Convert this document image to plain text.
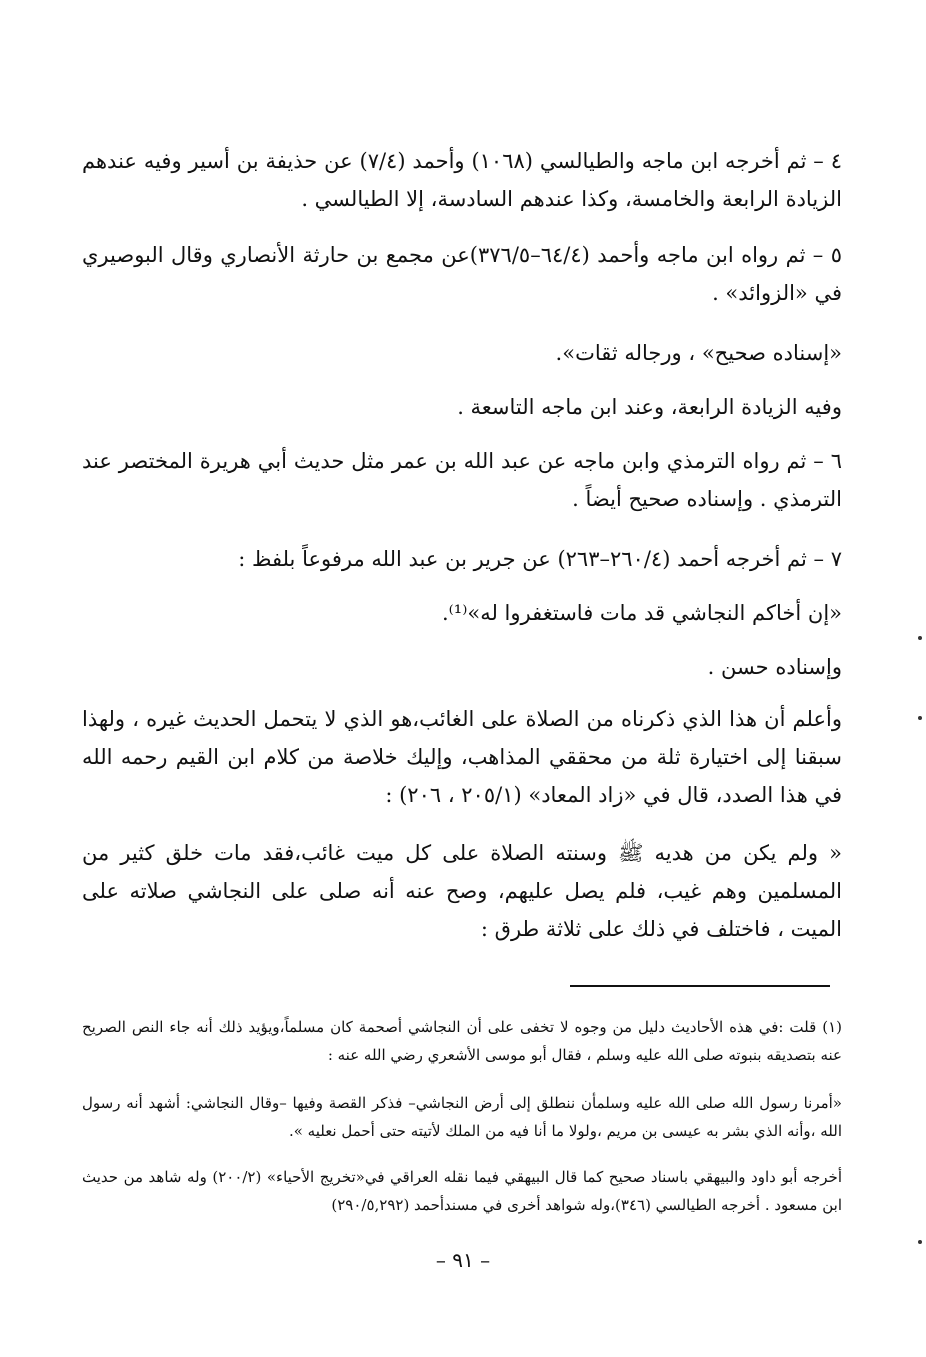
٤ – ثم أخرجه ابن ماجه والطيالسي (١٠٦٨) وأحمد (٧/٤) عن حذيفة بن أسير وفيه عندهم الزيادة الرابعة والخامسة، وكذا عندهم السادسة، إلا الطيالسي .

٥ – ثم رواه ابن ماجه وأحمد (٦٤/٤–٣٧٦/٥)عن مجمع بن حارثة الأنصاري وقال البوصيري في «الزوائد» .

«إسناده صحيح» ، ورجاله ثقات».

وفيه الزيادة الرابعة، وعند ابن ماجه التاسعة .

٦ – ثم رواه الترمذي وابن ماجه عن عبد الله بن عمر مثل حديث أبي هريرة المختصر عند الترمذي . وإسناده صحيح أيضاً .

٧ – ثم أخرجه أحمد (٢٦٠/٤–٢٦٣) عن جرير بن عبد الله مرفوعاً بلفظ :

«إن أخاكم النجاشي قد مات فاستغفروا له»⁽¹⁾.

وإسناده حسن .

وأعلم أن هذا الذي ذكرناه من الصلاة على الغائب،هو الذي لا يتحمل الحديث غيره ، ولهذا سبقنا إلى اختيارة ثلة من محققي المذاهب، وإليك خلاصة من كلام ابن القيم رحمه الله في هذا الصدد، قال في «زاد المعاد» (٢٠٥/١ ، ٢٠٦) :

« ولم يكن من هديه ﷺ وسنته الصلاة على كل ميت غائب،فقد مات خلق كثير من المسلمين وهم غيب، فلم يصل عليهم، وصح عنه أنه صلى على النجاشي صلاته على الميت ، فاختلف في ذلك على ثلاثة طرق :

(١) قلت :في هذه الأحاديث دليل من وجوه لا تخفى على أن النجاشي أصحمة كان مسلماً،ويؤيد ذلك أنه جاء النص الصريح عنه بتصديقه بنبوته صلى الله عليه وسلم ، فقال أبو موسى الأشعري رضي الله عنه :

«أمرنا رسول الله صلى الله عليه وسلمأن ننطلق إلى أرض النجاشي– فذكر القصة وفيها –وقال النجاشي: أشهد أنه رسول الله ،وأنه الذي بشر به عيسى بن مريم ،ولولا ما أنا فيه من الملك لأتيته حتى أحمل نعليه ».

أخرجه أبو داود والبيهقي باسناد صحيح كما قال البيهقي فيما نقله العراقي في«تخريج الأحياء» (٢٠٠/٢) وله شاهد من حديث ابن مسعود . أخرجه الطيالسي (٣٤٦)،وله شواهد أخرى في مسندأحمد (٢٩٠/٥,٢٩٢)

– ٩١ –
